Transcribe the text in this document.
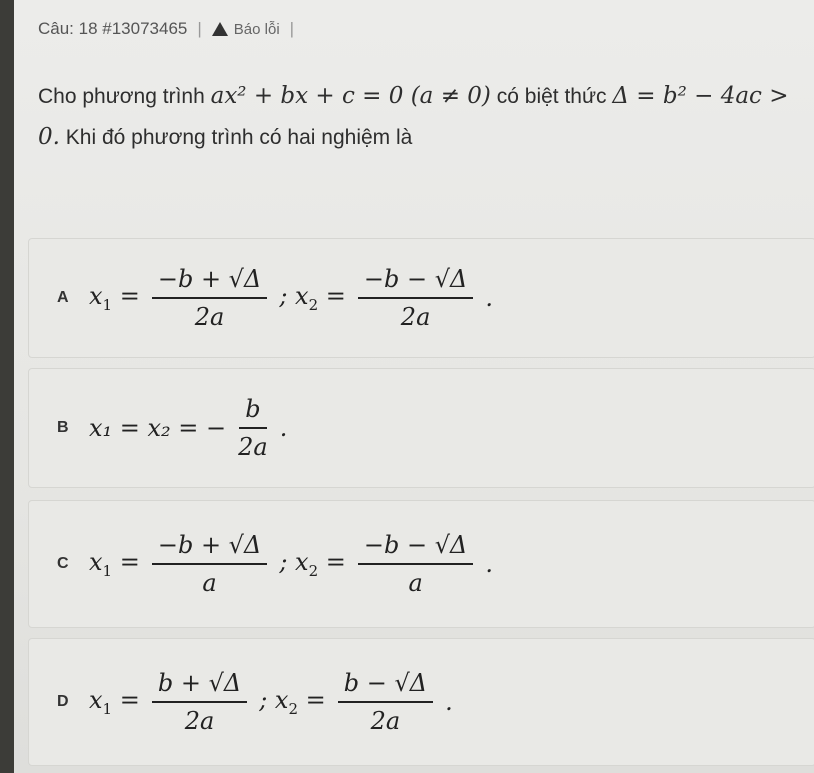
Câu: 18 #13073465 | Báo lỗi |
Cho phương trình ax² + bx + c = 0 (a ≠ 0) có biệt thức Δ = b² − 4ac > 0. Khi đó phương trình có hai nghiệm là
A $x_1 = \frac{-b + √\Delta}{2a}$ ; $x_2 = \frac{-b - √\Delta}{2a}$ .
B x₁ = x₂ = − $\frac{b}{2a}$ .
C $x_1 = \frac{-b + √\Delta}{a}$ ; $x_2 = \frac{-b - √\Delta}{a}$ .
D $x_1 = \frac{b + √\Delta}{2a}$ ; $x_2 = \frac{b - √\Delta}{2a}$ .
